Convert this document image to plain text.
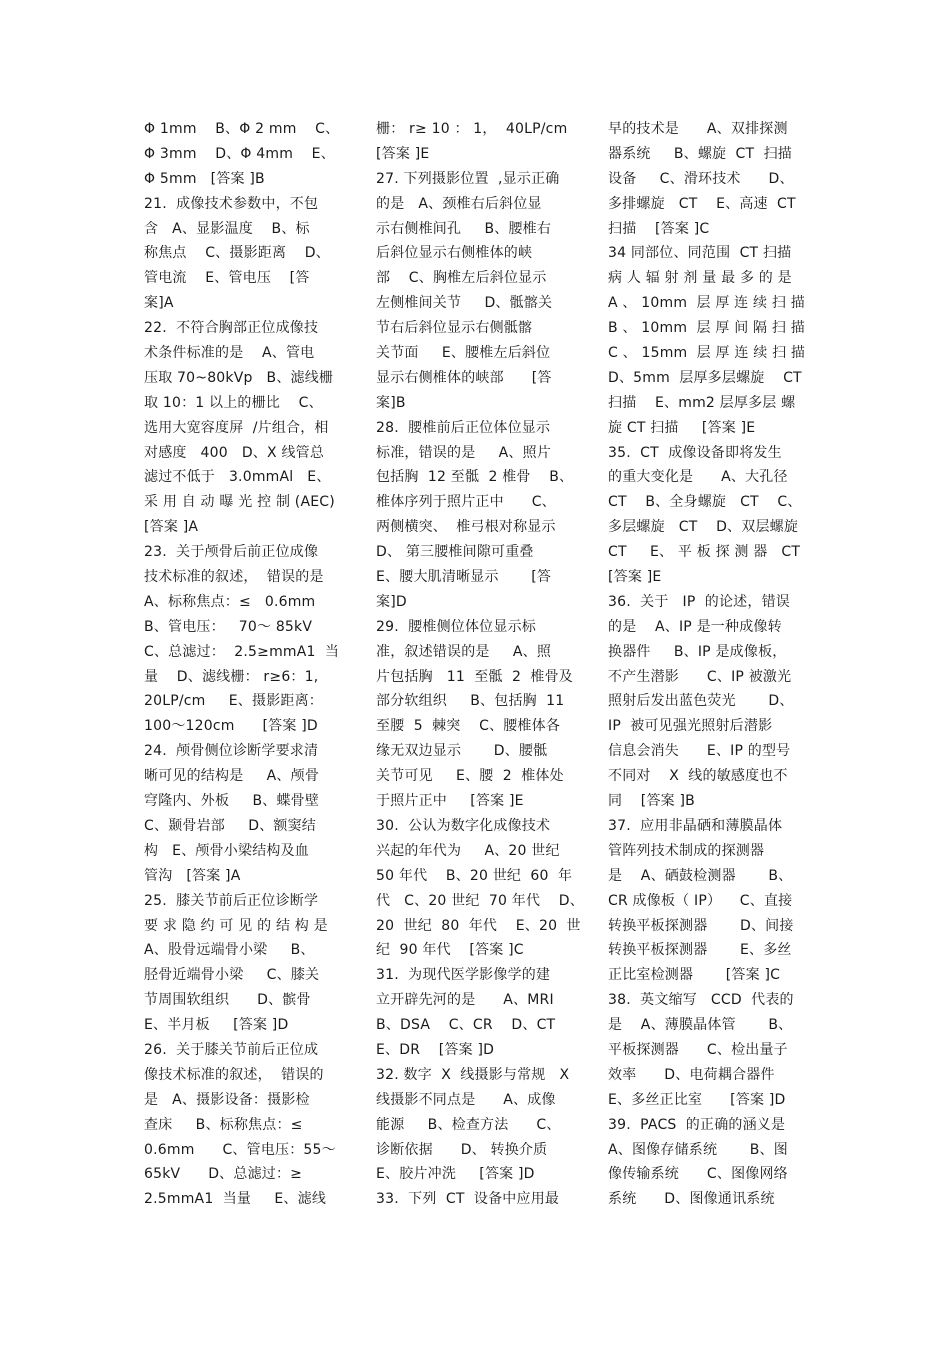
Φ 1mm    B、Φ 2 mm    C、
Φ 3mm    D、Φ 4mm    E、
Φ 5mm   [答案 ]B
21.  成像技术参数中，不包
含   A、显影温度    B、标
称焦点    C、摄影距离    D、
管电流    E、管电压    [答
案]A
22.  不符合胸部正位成像技
术条件标准的是    A、管电
压取 70~80kVp   B、滤线栅
取 10：1 以上的栅比    C、
选用大宽容度屏  /片组合，相
对感度   400   D、X 线管总
滤过不低于   3.0mmAl   E、
采 用 自 动 曝 光 控 制 (AEC)
[答案 ]A
23.  关于颅骨后前正位成像
技术标准的叙述，  错误的是
A、标称焦点：≤   0.6mm
B、管电压：   70～ 85kV
C、总滤过：  2.5≥mmA1  当
量    D、滤线栅： r≥6：1,
20LP/cm     E、摄影距离：
100～120cm      [答案 ]D
24.  颅骨侧位诊断学要求清
晰可见的结构是     A、颅骨
穹隆内、外板     B、蝶骨壁
C、颞骨岩部     D、额窦结
构   E、颅骨小梁结构及血
管沟   [答案 ]A
25.  膝关节前后正位诊断学
要 求 隐 约 可 见 的 结 构 是
A、股骨远端骨小梁     B、
胫骨近端骨小梁     C、膝关
节周围软组织      D、髌骨
E、半月板     [答案 ]D
26.  关于膝关节前后正位成
像技术标准的叙述，  错误的
是   A、摄影设备：摄影检
查床     B、标称焦点：≤
0.6mm      C、管电压：55～
65kV      D、总滤过：≥
2.5mmA1  当量     E、滤线
栅： r≥ 10 ： 1，  40LP/cm
[答案 ]E
27. 下列摄影位置  ,显示正确
的是   A、颈椎右后斜位显
示右侧椎间孔     B、腰椎右
后斜位显示右侧椎体的峡
部    C、胸椎左后斜位显示
左侧椎间关节     D、骶髂关
节右后斜位显示右侧骶髂
关节面     E、腰椎左后斜位
显示右侧椎体的峡部      [答
案]B
28.  腰椎前后正位体位显示
标准，错误的是     A、照片
包括胸  12 至骶  2 椎骨    B、
椎体序列于照片正中      C、
两侧横突、  椎弓根对称显示
D、 第三腰椎间隙可重叠
E、腰大肌清晰显示       [答
案]D
29.  腰椎侧位体位显示标
准，叙述错误的是     A、照
片包括胸   11  至骶  2  椎骨及
部分软组织     B、包括胸  11
至腰  5  棘突    C、腰椎体各
缘无双边显示       D、腰骶
关节可见     E、腰  2  椎体处
于照片正中     [答案 ]E
30.  公认为数字化成像技术
兴起的年代为     A、20 世纪
50 年代    B、20 世纪  60  年
代   C、20 世纪  70 年代    D、
20  世纪  80  年代    E、20  世
纪  90 年代    [答案 ]C
31.  为现代医学影像学的建
立开辟先河的是      A、MRI
B、DSA    C、CR    D、CT
E、DR    [答案 ]D
32. 数字  X  线摄影与常规   X
线摄影不同点是      A、成像
能源     B、检查方法      C、
诊断依据      D、 转换介质
E、胶片冲洗     [答案 ]D
33.  下列  CT  设备中应用最
早的技术是      A、双排探测
器系统     B、螺旋  CT  扫描
设备     C、滑环技术      D、
多排螺旋   CT    E、高速  CT
扫描    [答案 ]C
34 同部位、同范围  CT 扫描
病 人 辐 射 剂 量 最 多 的 是
A 、 10mm  层 厚 连 续 扫 描
B 、 10mm  层 厚 间 隔 扫 描
C 、 15mm  层 厚 连 续 扫 描
D、5mm  层厚多层螺旋    CT
扫描    E、mm2 层厚多层 螺
旋 CT 扫描     [答案 ]E
35.  CT  成像设备即将发生
的重大变化是      A、大孔径
CT    B、全身螺旋   CT    C、
多层螺旋   CT    D、双层螺旋
CT     E、 平 板 探 测 器   CT
[答案 ]E
36.  关于   IP  的论述，错误
的是    A、IP 是一种成像转
换器件     B、IP 是成像板，
不产生潜影      C、IP 被激光
照射后发出蓝色荧光       D、
IP  被可见强光照射后潜影
信息会消失      E、IP 的型号
不同对    X  线的敏感度也不
同    [答案 ]B
37.  应用非晶硒和薄膜晶体
管阵列技术制成的探测器
是    A、硒鼓检测器       B、
CR 成像板（ IP）    C、直接
转换平板探测器       D、间接
转换平板探测器       E、多丝
正比室检测器       [答案 ]C
38.  英文缩写   CCD  代表的
是    A、薄膜晶体管       B、
平板探测器      C、检出量子
效率      D、电荷耦合器件
E、多丝正比室      [答案 ]D
39.  PACS  的正确的涵义是
A、图像存储系统       B、图
像传输系统      C、图像网络
系统      D、图像通讯系统
